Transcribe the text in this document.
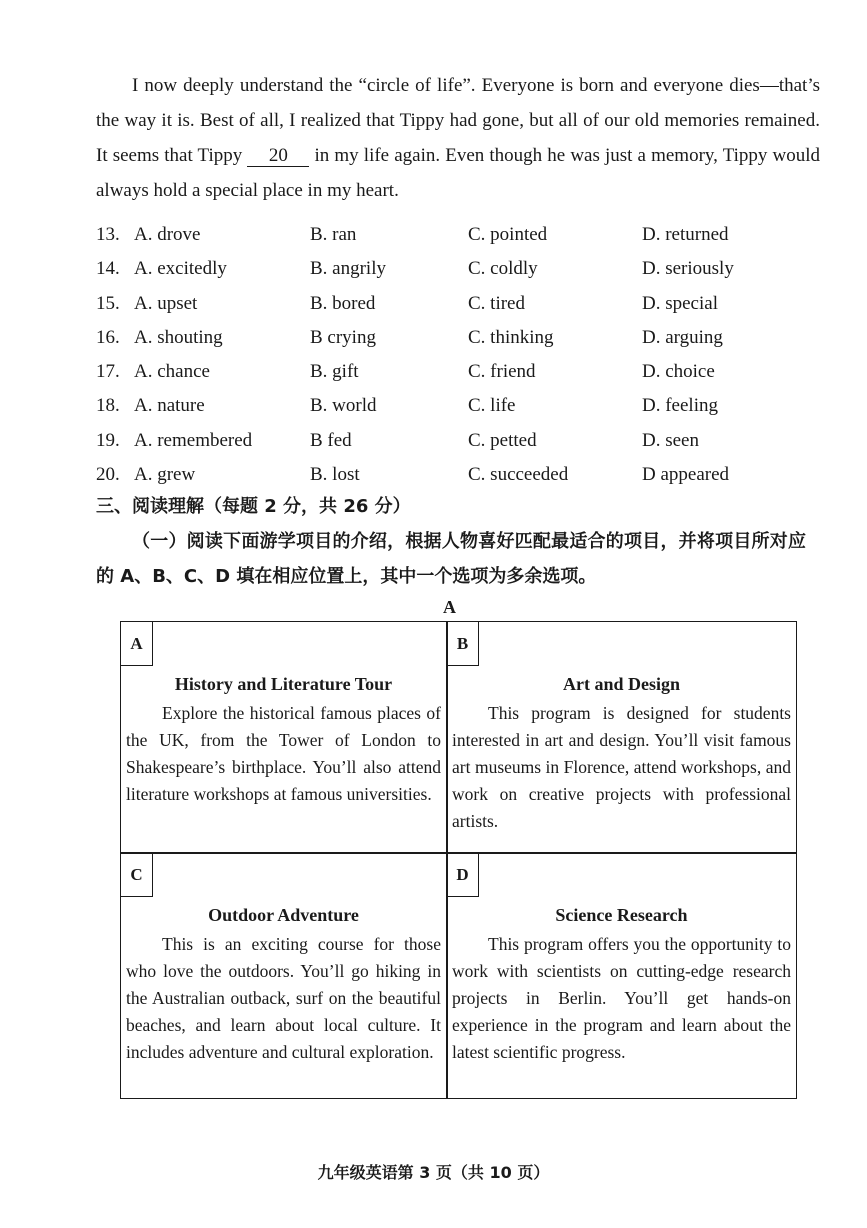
I now deeply understand the “circle of life”. Everyone is born and everyone dies—that’s the way it is. Best of all, I realized that Tippy had gone, but all of our old memories remained. It seems that Tippy 20 in my life again. Even though he was just a memory, Tippy would always hold a special place in my heart.
13. A. drove	B. ran	C. pointed	D. returned
14. A. excitedly	B. angrily	C. coldly	D. seriously
15. A. upset	B. bored	C. tired	D. special
16. A. shouting	B crying	C. thinking	D. arguing
17. A. chance	B. gift	C. friend	D. choice
18. A. nature	B. world	C. life	D. feeling
19. A. remembered	B fed	C. petted	D. seen
20. A. grew	B. lost	C. succeeded	D appeared
三、阅读理解（每题 2 分，共 26 分）
（一）阅读下面游学项目的介绍，根据人物喜好匹配最适合的项目，并将项目所对应的 A、B、C、D 填在相应位置上，其中一个选项为多余选项。
A
A
History and Literature Tour
Explore the historical famous places of the UK, from the Tower of London to Shakespeare’s birthplace. You’ll also attend literature workshops at famous universities.
B
Art and Design
This program is designed for students interested in art and design. You’ll visit famous art museums in Florence, attend workshops, and work on creative projects with professional artists.
C
Outdoor Adventure
This is an exciting course for those who love the outdoors. You’ll go hiking in the Australian outback, surf on the beautiful beaches, and learn about local culture. It includes adventure and cultural exploration.
D
Science Research
This program offers you the opportunity to work with scientists on cutting-edge research projects in Berlin. You’ll get hands-on experience in the program and learn about the latest scientific progress.
九年级英语第 3 页（共 10 页）
